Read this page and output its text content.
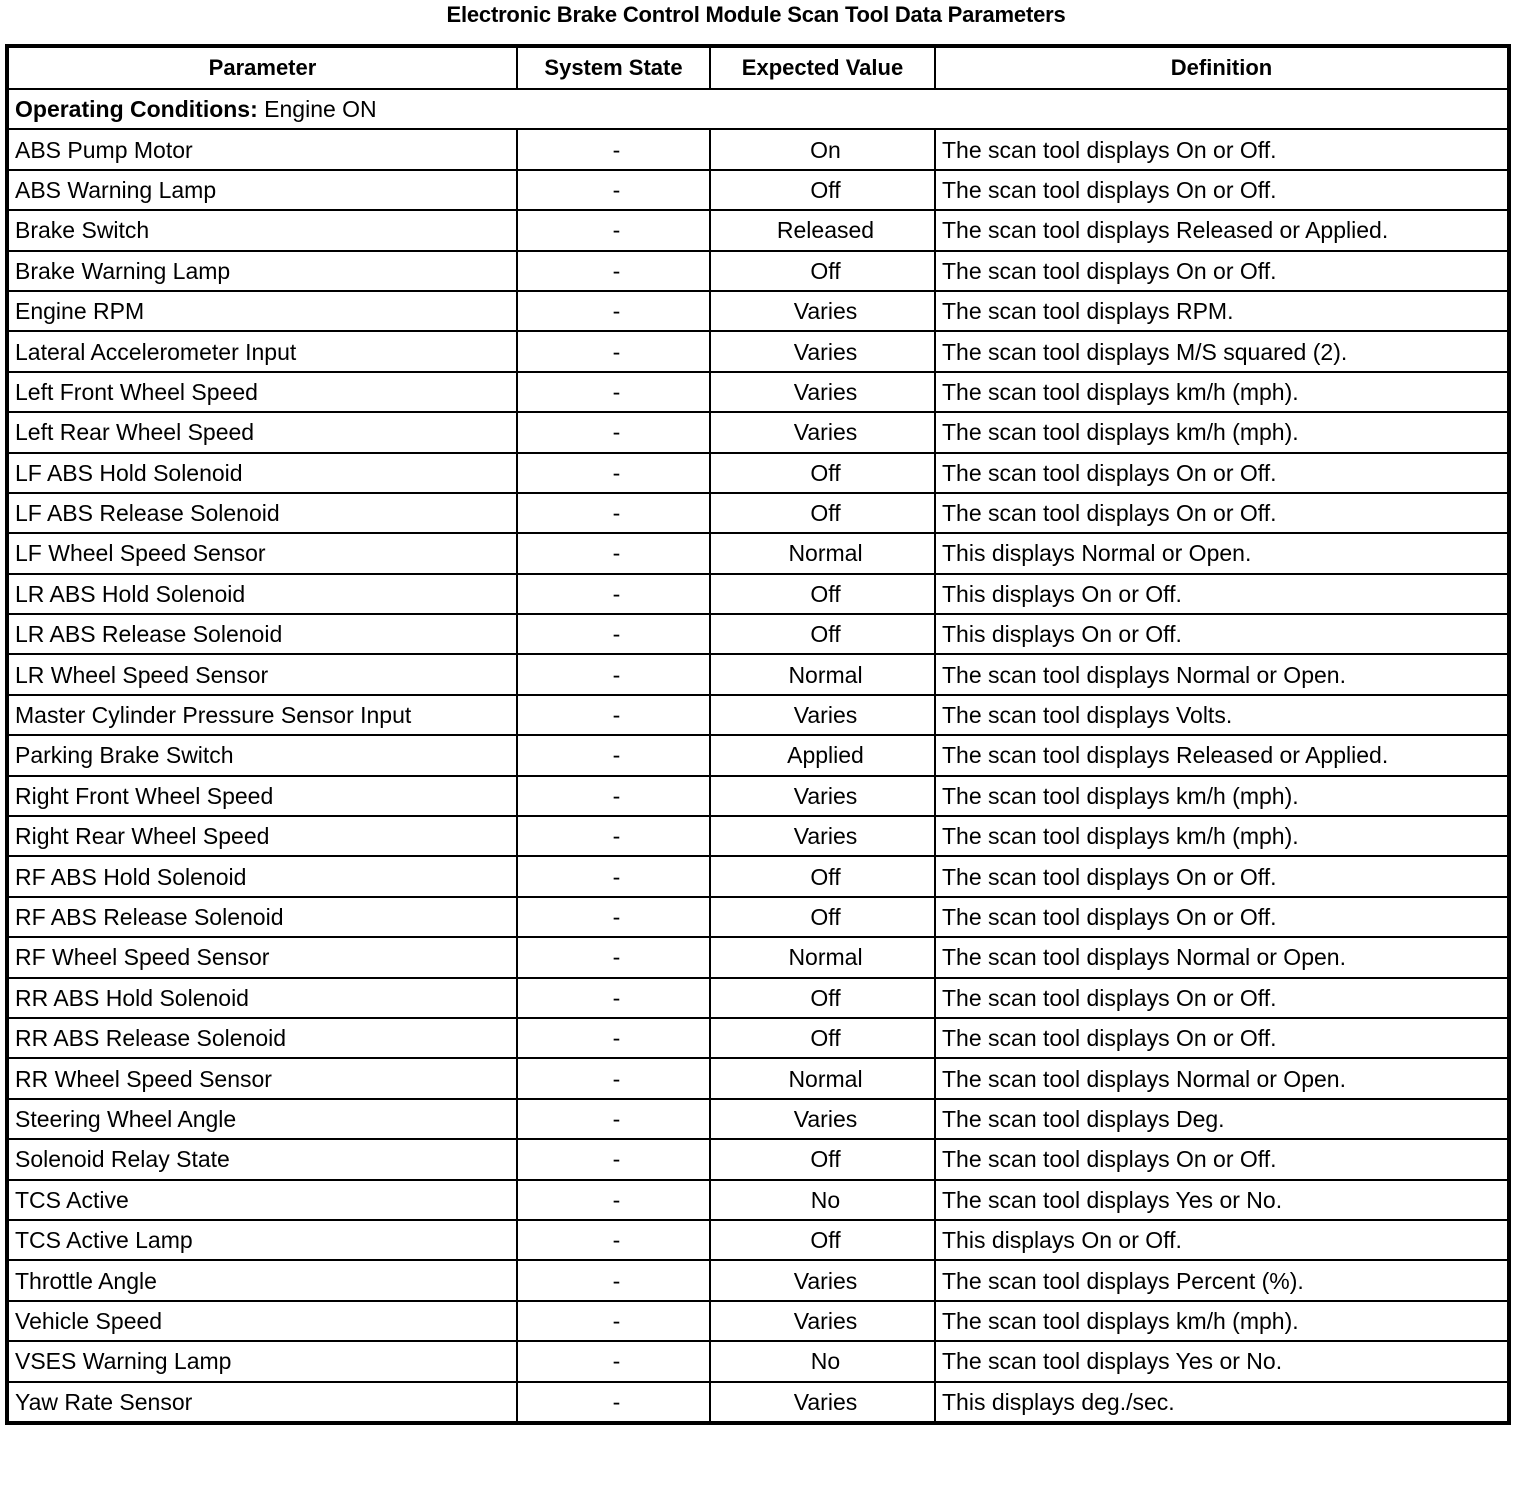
Electronic Brake Control Module Scan Tool Data Parameters
Parameter	System State	Expected Value	Definition
Operating Conditions: Engine ON			
ABS Pump Motor	-	On	The scan tool displays On or Off.
ABS Warning Lamp	-	Off	The scan tool displays On or Off.
Brake Switch	-	Released	The scan tool displays Released or Applied.
Brake Warning Lamp	-	Off	The scan tool displays On or Off.
Engine RPM	-	Varies	The scan tool displays RPM.
Lateral Accelerometer Input	-	Varies	The scan tool displays M/S squared (2).
Left Front Wheel Speed	-	Varies	The scan tool displays km/h (mph).
Left Rear Wheel Speed	-	Varies	The scan tool displays km/h (mph).
LF ABS Hold Solenoid	-	Off	The scan tool displays On or Off.
LF ABS Release Solenoid	-	Off	The scan tool displays On or Off.
LF Wheel Speed Sensor	-	Normal	This displays Normal or Open.
LR ABS Hold Solenoid	-	Off	This displays On or Off.
LR ABS Release Solenoid	-	Off	This displays On or Off.
LR Wheel Speed Sensor	-	Normal	The scan tool displays Normal or Open.
Master Cylinder Pressure Sensor Input	-	Varies	The scan tool displays Volts.
Parking Brake Switch	-	Applied	The scan tool displays Released or Applied.
Right Front Wheel Speed	-	Varies	The scan tool displays km/h (mph).
Right Rear Wheel Speed	-	Varies	The scan tool displays km/h (mph).
RF ABS Hold Solenoid	-	Off	The scan tool displays On or Off.
RF ABS Release Solenoid	-	Off	The scan tool displays On or Off.
RF Wheel Speed Sensor	-	Normal	The scan tool displays Normal or Open.
RR ABS Hold Solenoid	-	Off	The scan tool displays On or Off.
RR ABS Release Solenoid	-	Off	The scan tool displays On or Off.
RR Wheel Speed Sensor	-	Normal	The scan tool displays Normal or Open.
Steering Wheel Angle	-	Varies	The scan tool displays Deg.
Solenoid Relay State	-	Off	The scan tool displays On or Off.
TCS Active	-	No	The scan tool displays Yes or No.
TCS Active Lamp	-	Off	This displays On or Off.
Throttle Angle	-	Varies	The scan tool displays Percent (%).
Vehicle Speed	-	Varies	The scan tool displays km/h (mph).
VSES Warning Lamp	-	No	The scan tool displays Yes or No.
Yaw Rate Sensor	-	Varies	This displays deg./sec.
